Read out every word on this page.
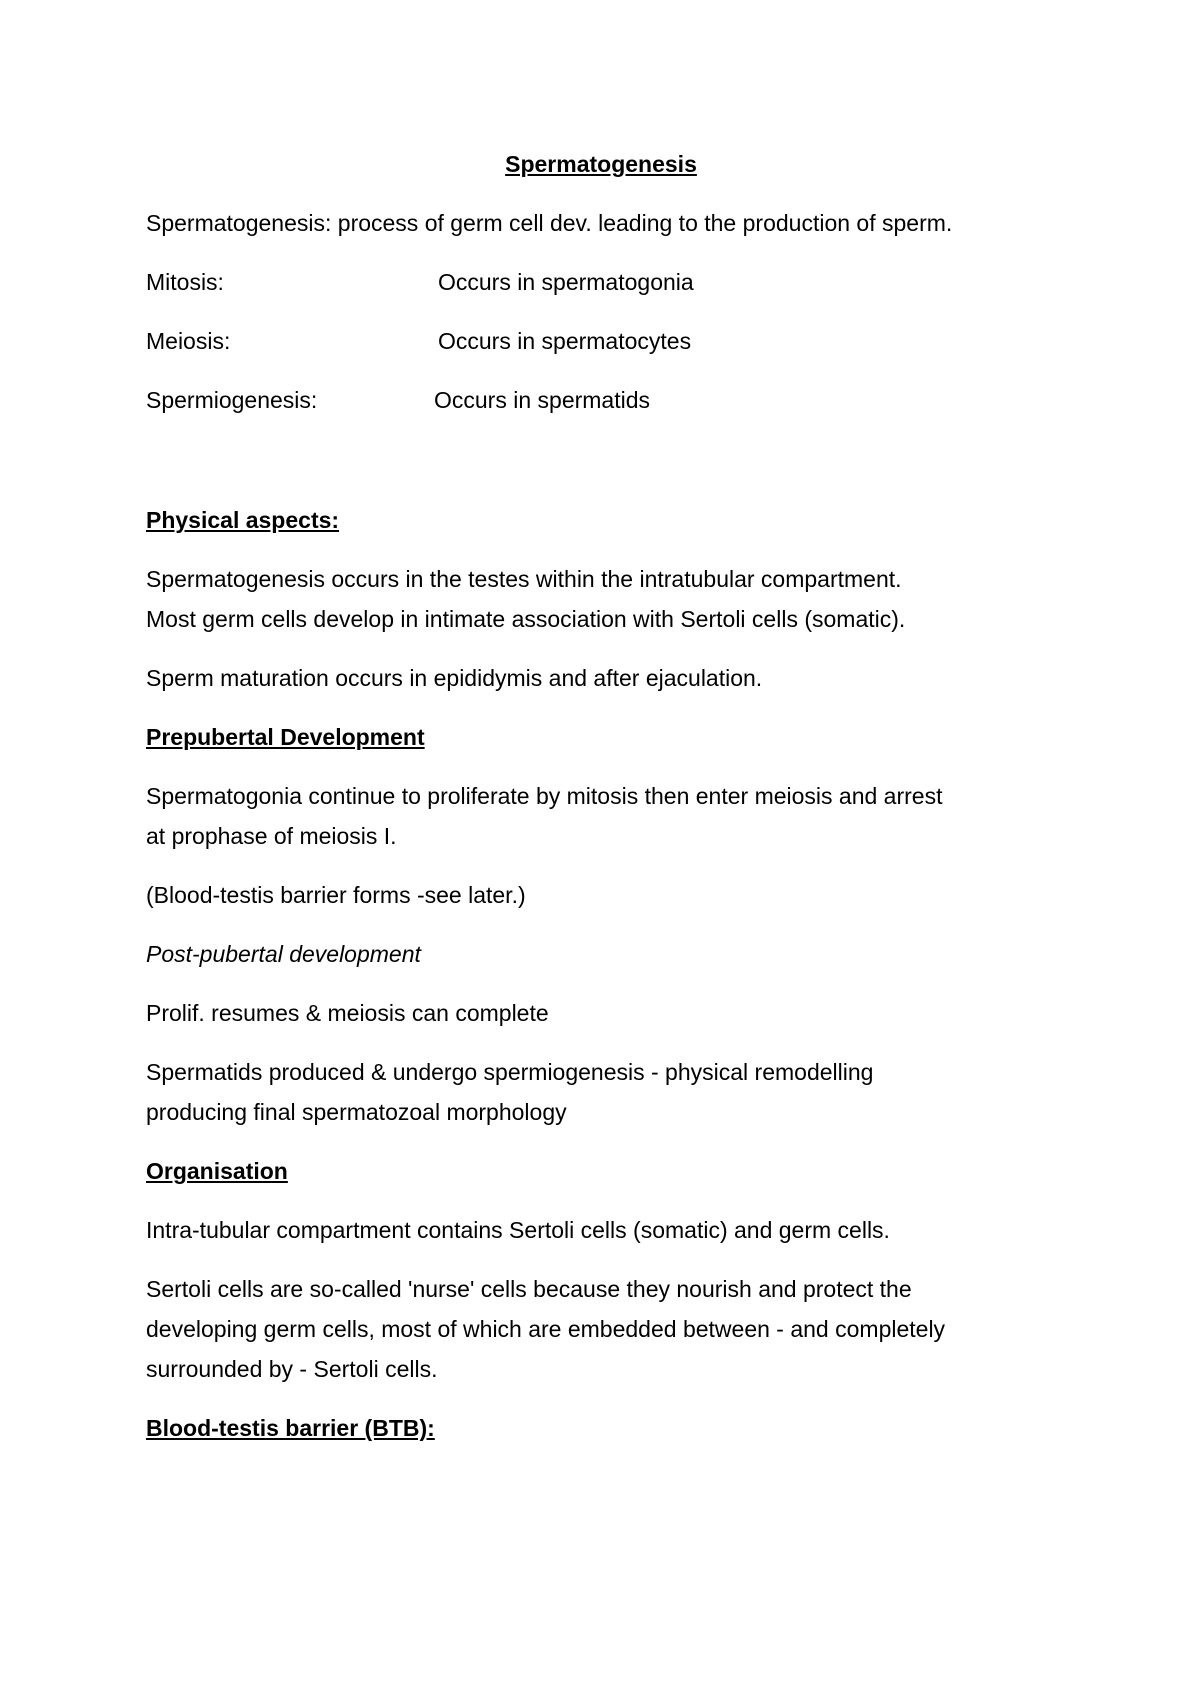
Spermatogenesis
Spermatogenesis: process of germ cell dev. leading to the production of sperm.
Mitosis:	Occurs in spermatogonia
Meiosis:	Occurs in spermatocytes
Spermiogenesis:	Occurs in spermatids
Physical aspects:
Spermatogenesis occurs in the testes within the intratubular compartment.
Most germ cells develop in intimate association with Sertoli cells (somatic).
Sperm maturation occurs in epididymis and after ejaculation.
Prepubertal Development
Spermatogonia continue to proliferate by mitosis then enter meiosis and arrest
at prophase of meiosis I.
(Blood-testis barrier forms -see later.)
Post-pubertal development
Prolif. resumes & meiosis can complete
Spermatids produced & undergo spermiogenesis - physical remodelling
producing final spermatozoal morphology
Organisation
Intra-tubular compartment contains Sertoli cells (somatic) and germ cells.
Sertoli cells are so-called 'nurse' cells because they nourish and protect the
developing germ cells, most of which are embedded between - and completely
surrounded by - Sertoli cells.
Blood-testis barrier (BTB):
